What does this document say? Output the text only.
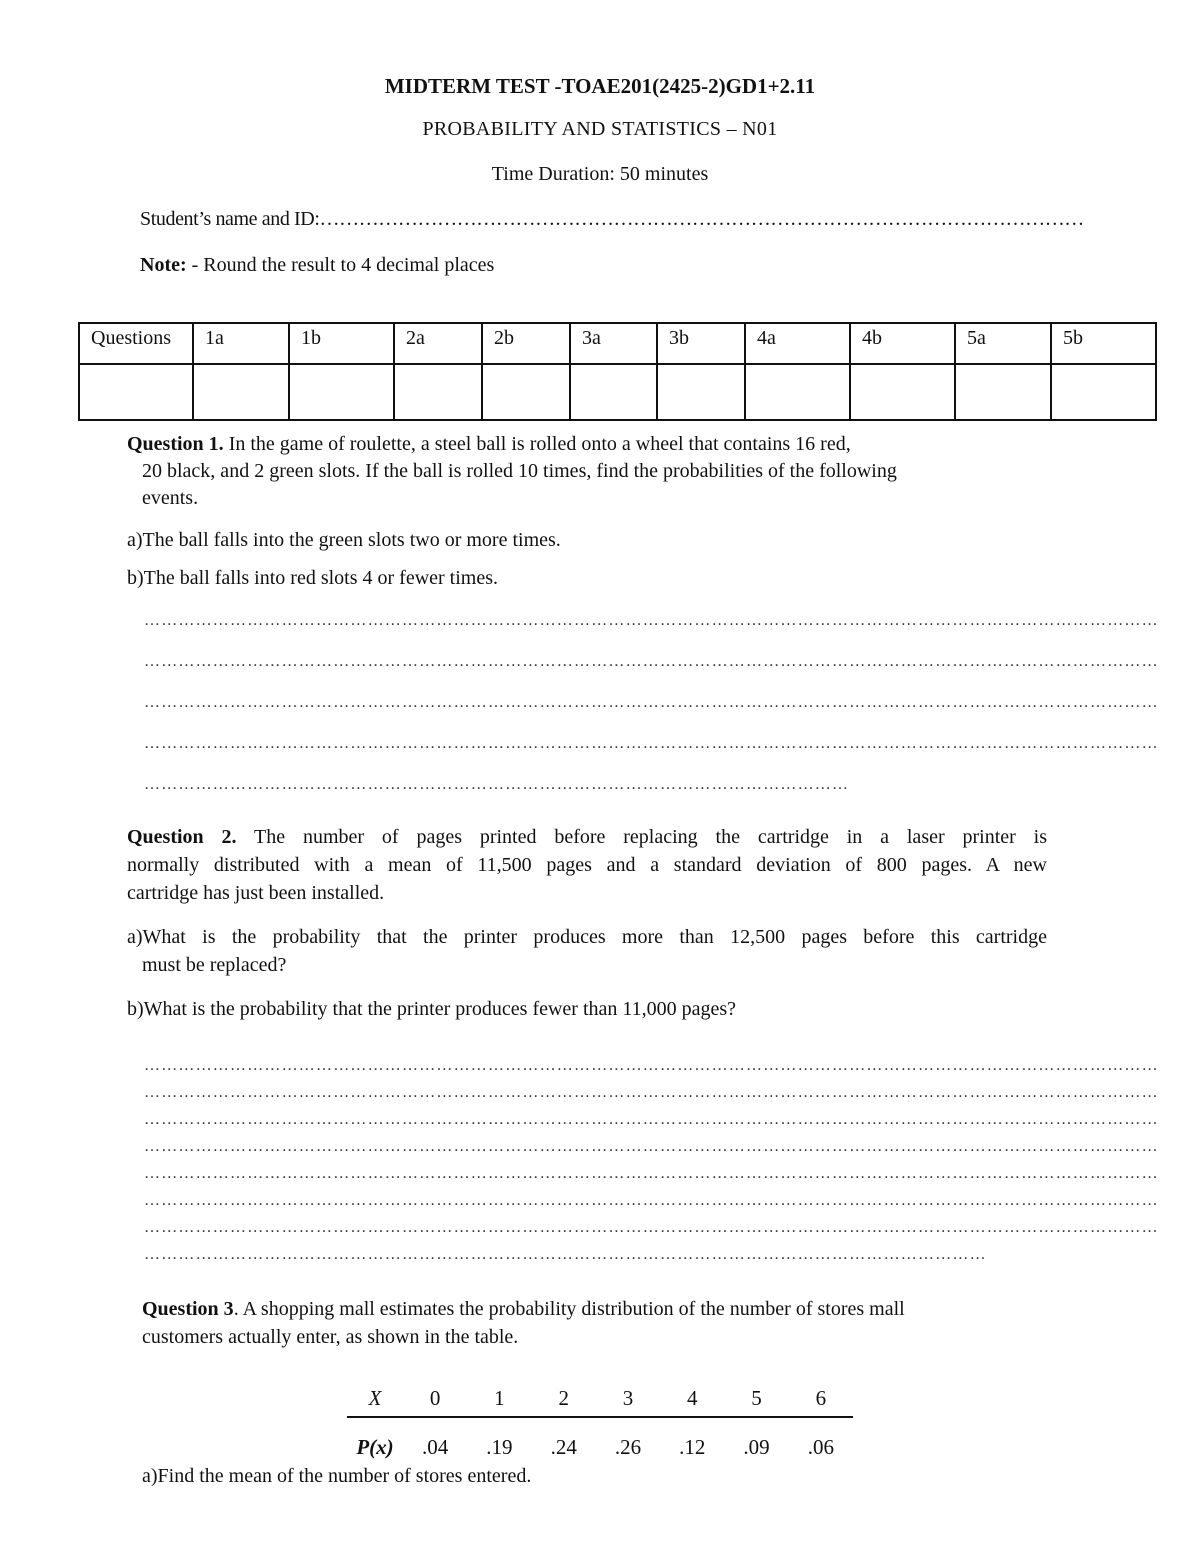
MIDTERM TEST -TOAE201(2425-2)GD1+2.11
PROBABILITY AND STATISTICS – N01
Time Duration: 50 minutes
Student’s name and ID:………………………………………………………………………………………………………
Note: - Round the result to 4 decimal places
Questions	1a	1b	2a	2b	3a	3b	4a	4b	5a	5b

Question 1. In the game of roulette, a steel ball is rolled onto a wheel that contains 16 red,
20 black, and 2 green slots. If the ball is rolled 10 times, find the probabilities of the following
events.
a)The ball falls into the green slots two or more times.
b)The ball falls into red slots 4 or fewer times.
……………………………………………………………………………………………………………………………………………………………
……………………………………………………………………………………………………………………………………………………………
……………………………………………………………………………………………………………………………………………………………
……………………………………………………………………………………………………………………………………………………………
……………………………………………………………………………………………………………
Question 2. The number of pages printed before replacing the cartridge in a laser printer is
normally distributed with a mean of 11,500 pages and a standard deviation of 800 pages. A new
cartridge has just been installed.
a)What is the probability that the printer produces more than 12,500 pages before this cartridge
must be replaced?
b)What is the probability that the printer produces fewer than 11,000 pages?
……………………………………………………………………………………………………………………………………………………………
……………………………………………………………………………………………………………………………………………………………
……………………………………………………………………………………………………………………………………………………………
……………………………………………………………………………………………………………………………………………………………
……………………………………………………………………………………………………………………………………………………………
……………………………………………………………………………………………………………………………………………………………
……………………………………………………………………………………………………………………………………………………………
…………………………………………………………………………………………………………………………………
Question 3. A shopping mall estimates the probability distribution of the number of stores mall
customers actually enter, as shown in the table.
X	0	1	2	3	4	5	6
P(x)	.04	.19	.24	.26	.12	.09	.06
a)Find the mean of the number of stores entered.
